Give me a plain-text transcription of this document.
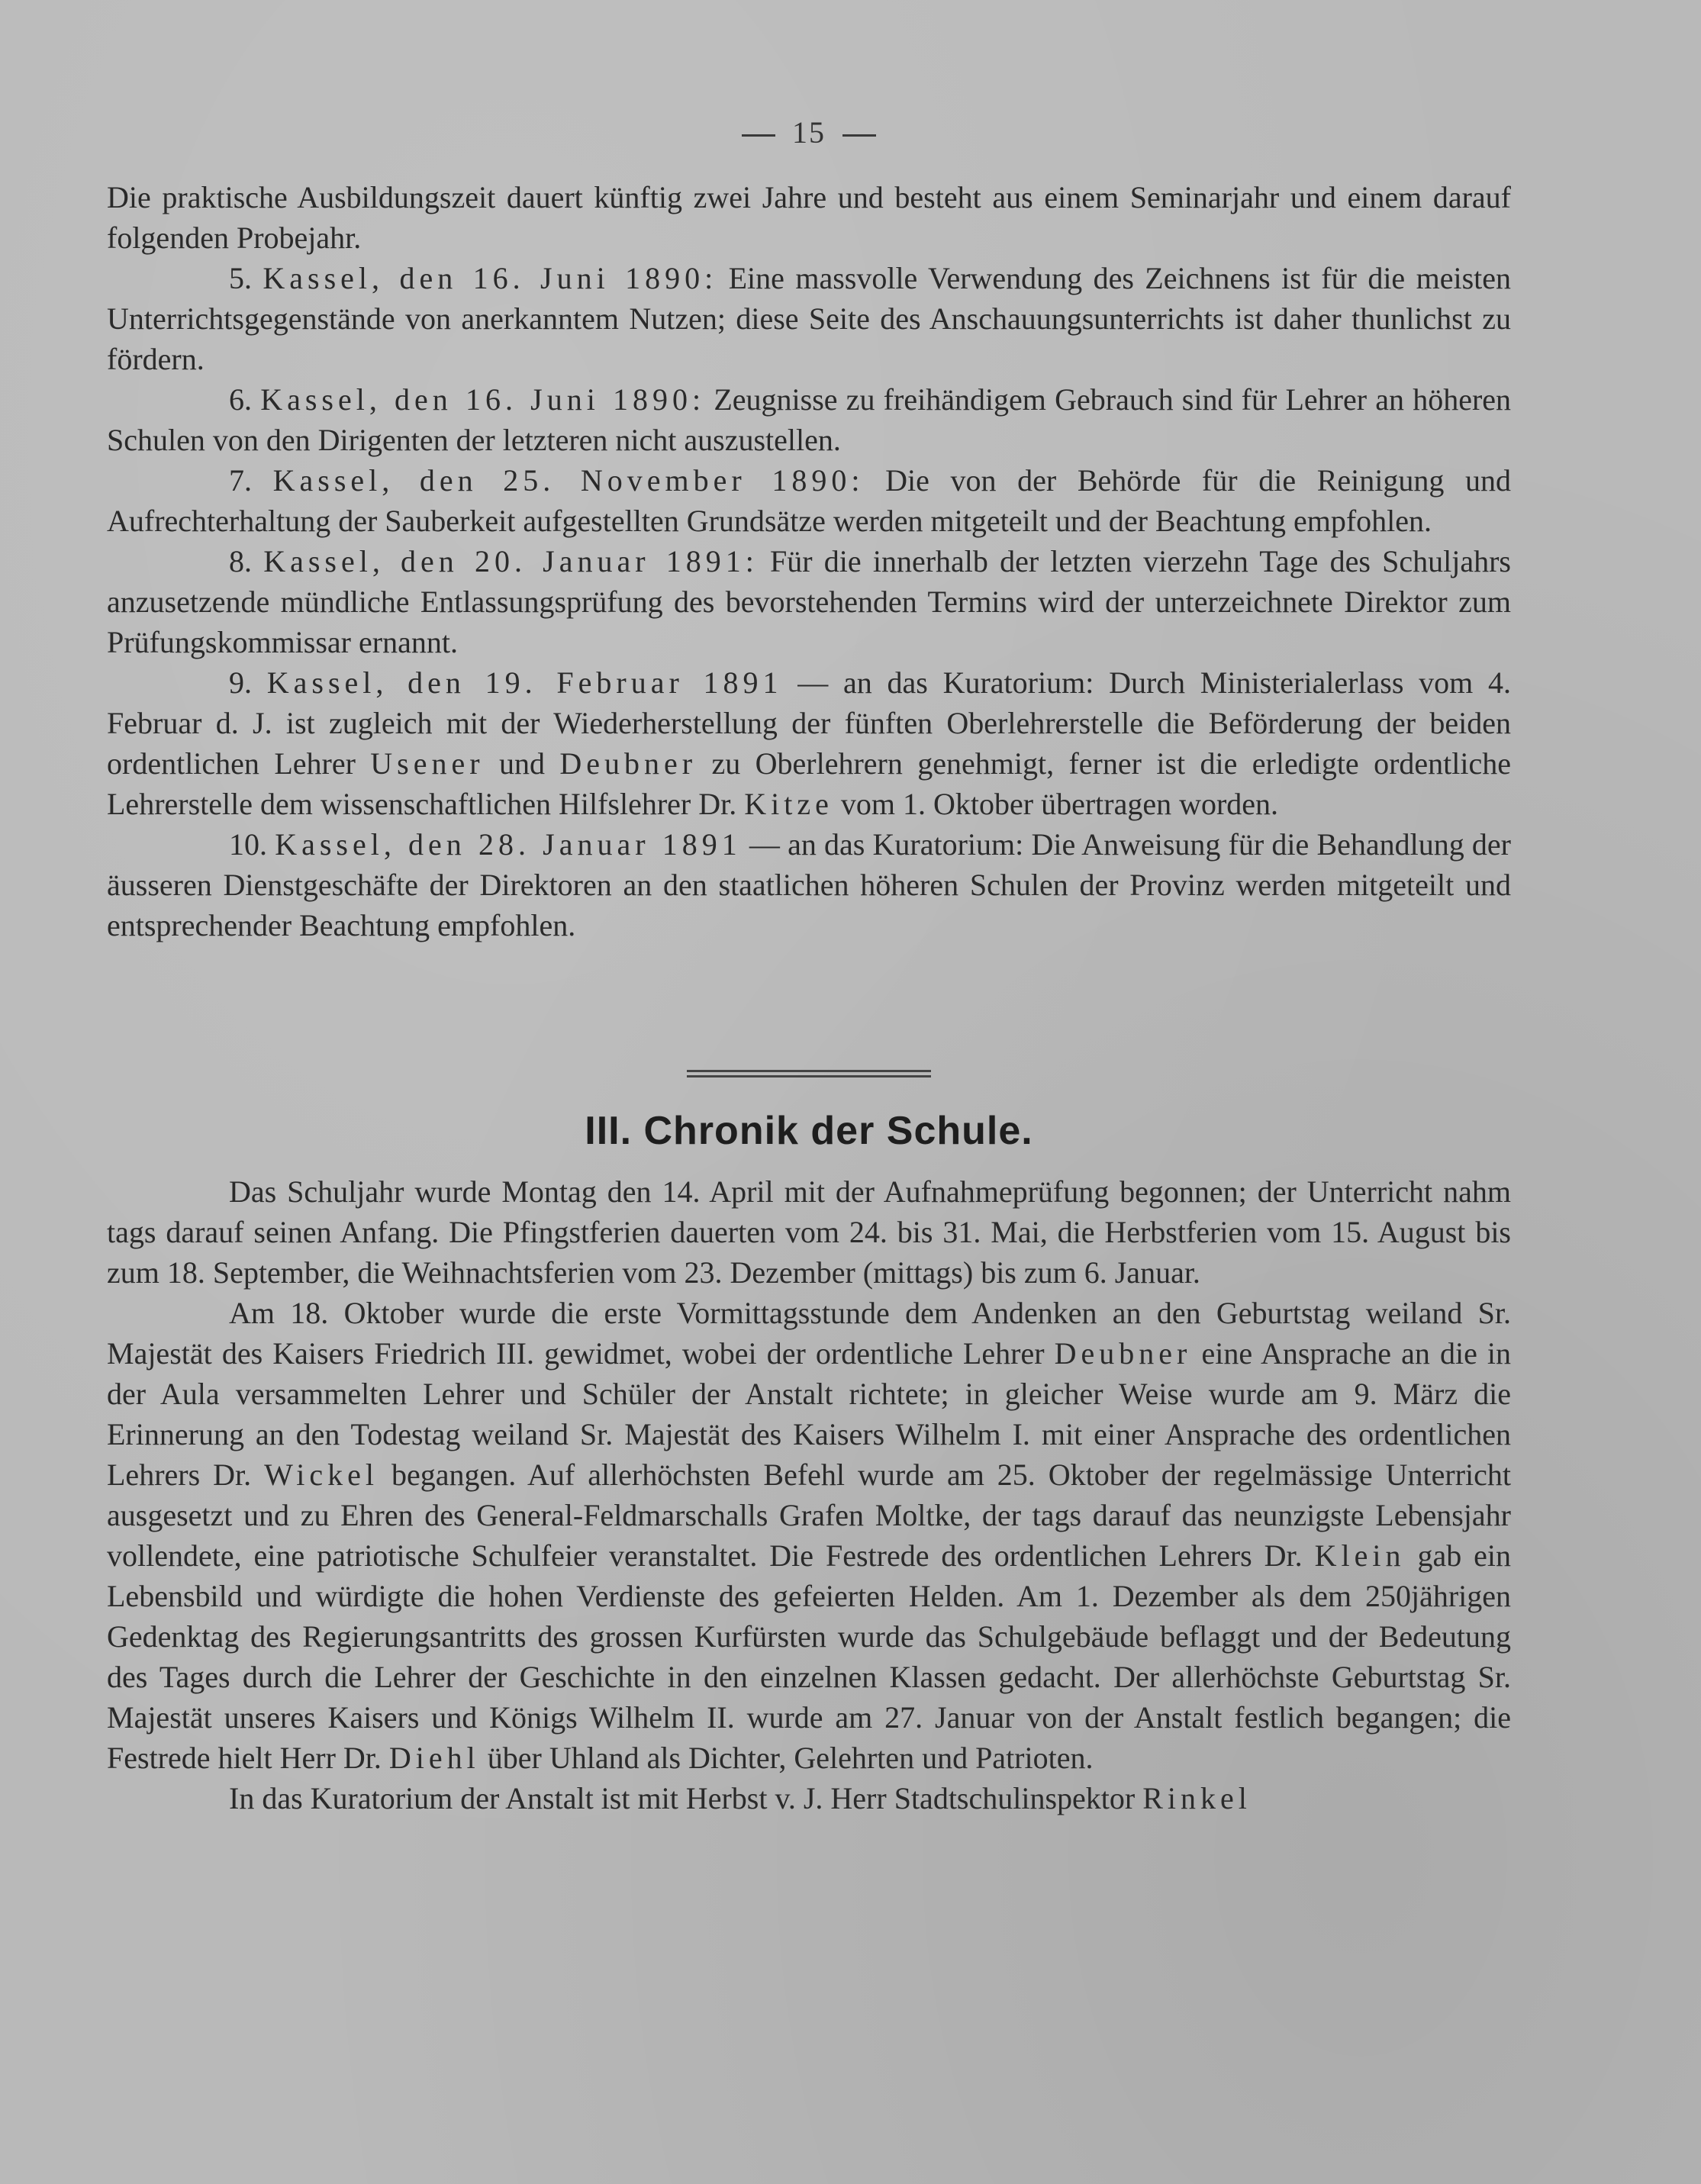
15

Die praktische Ausbildungszeit dauert künftig zwei Jahre und besteht aus einem Seminarjahr und einem darauf folgenden Probejahr.

5. Kassel, den 16. Juni 1890: Eine massvolle Verwendung des Zeichnens ist für die meisten Unterrichtsgegenstände von anerkanntem Nutzen; diese Seite des Anschauungsunterrichts ist daher thunlichst zu fördern.

6. Kassel, den 16. Juni 1890: Zeugnisse zu freihändigem Gebrauch sind für Lehrer an höheren Schulen von den Dirigenten der letzteren nicht auszustellen.

7. Kassel, den 25. November 1890: Die von der Behörde für die Reinigung und Aufrechterhaltung der Sauberkeit aufgestellten Grundsätze werden mitgeteilt und der Beachtung empfohlen.

8. Kassel, den 20. Januar 1891: Für die innerhalb der letzten vierzehn Tage des Schuljahrs anzusetzende mündliche Entlassungsprüfung des bevorstehenden Termins wird der unterzeichnete Direktor zum Prüfungskommissar ernannt.

9. Kassel, den 19. Februar 1891 — an das Kuratorium: Durch Ministerialerlass vom 4. Februar d. J. ist zugleich mit der Wiederherstellung der fünften Oberlehrerstelle die Beförderung der beiden ordentlichen Lehrer Usener und Deubner zu Oberlehrern genehmigt, ferner ist die erledigte ordentliche Lehrerstelle dem wissenschaftlichen Hilfslehrer Dr. Kitze vom 1. Oktober übertragen worden.

10. Kassel, den 28. Januar 1891 — an das Kuratorium: Die Anweisung für die Behandlung der äusseren Dienstgeschäfte der Direktoren an den staatlichen höheren Schulen der Provinz werden mitgeteilt und entsprechender Beachtung empfohlen.

III. Chronik der Schule.

Das Schuljahr wurde Montag den 14. April mit der Aufnahmeprüfung begonnen; der Unterricht nahm tags darauf seinen Anfang. Die Pfingstferien dauerten vom 24. bis 31. Mai, die Herbstferien vom 15. August bis zum 18. September, die Weihnachtsferien vom 23. Dezember (mittags) bis zum 6. Januar.

Am 18. Oktober wurde die erste Vormittagsstunde dem Andenken an den Geburtstag weiland Sr. Majestät des Kaisers Friedrich III. gewidmet, wobei der ordentliche Lehrer Deubner eine Ansprache an die in der Aula versammelten Lehrer und Schüler der Anstalt richtete; in gleicher Weise wurde am 9. März die Erinnerung an den Todestag weiland Sr. Majestät des Kaisers Wilhelm I. mit einer Ansprache des ordentlichen Lehrers Dr. Wickel begangen. Auf allerhöchsten Befehl wurde am 25. Oktober der regelmässige Unterricht ausgesetzt und zu Ehren des General-Feldmarschalls Grafen Moltke, der tags darauf das neunzigste Lebensjahr vollendete, eine patriotische Schulfeier veranstaltet. Die Festrede des ordentlichen Lehrers Dr. Klein gab ein Lebensbild und würdigte die hohen Verdienste des gefeierten Helden. Am 1. Dezember als dem 250jährigen Gedenktag des Regierungsantritts des grossen Kurfürsten wurde das Schulgebäude beflaggt und der Bedeutung des Tages durch die Lehrer der Geschichte in den einzelnen Klassen gedacht. Der allerhöchste Geburtstag Sr. Majestät unseres Kaisers und Königs Wilhelm II. wurde am 27. Januar von der Anstalt festlich begangen; die Festrede hielt Herr Dr. Diehl über Uhland als Dichter, Gelehrten und Patrioten.

In das Kuratorium der Anstalt ist mit Herbst v. J. Herr Stadtschulinspektor Rinkel
